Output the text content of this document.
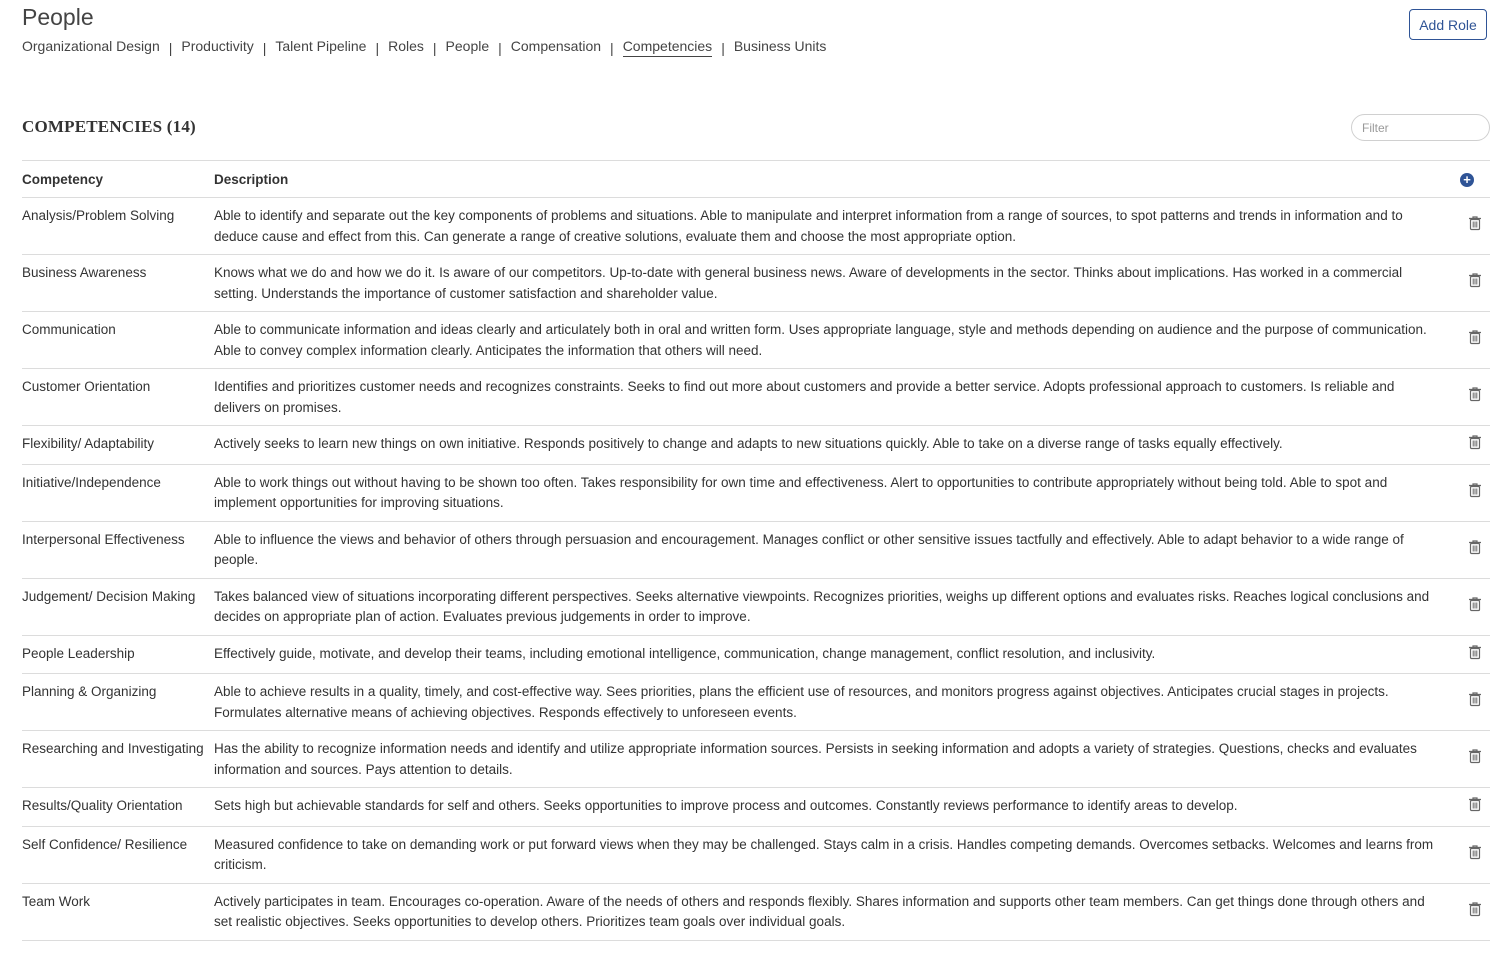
People
Organizational Design | Productivity | Talent Pipeline | Roles | People | Compensation | Competencies | Business Units
Add Role
COMPETENCIES (14)
Filter
Competency	Description	+
Analysis/Problem Solving	Able to identify and separate out the key components of problems and situations. Able to manipulate and interpret information from a range of sources, to spot patterns and trends in information and to deduce cause and effect from this. Can generate a range of creative solutions, evaluate them and choose the most appropriate option.	
Business Awareness	Knows what we do and how we do it. Is aware of our competitors. Up-to-date with general business news. Aware of developments in the sector. Thinks about implications. Has worked in a commercial setting. Understands the importance of customer satisfaction and shareholder value.	
Communication	Able to communicate information and ideas clearly and articulately both in oral and written form. Uses appropriate language, style and methods depending on audience and the purpose of communication. Able to convey complex information clearly. Anticipates the information that others will need.	
Customer Orientation	Identifies and prioritizes customer needs and recognizes constraints. Seeks to find out more about customers and provide a better service. Adopts professional approach to customers. Is reliable and delivers on promises.	
Flexibility/ Adaptability	Actively seeks to learn new things on own initiative. Responds positively to change and adapts to new situations quickly. Able to take on a diverse range of tasks equally effectively.	
Initiative/Independence	Able to work things out without having to be shown too often. Takes responsibility for own time and effectiveness. Alert to opportunities to contribute appropriately without being told. Able to spot and implement opportunities for improving situations.	
Interpersonal Effectiveness	Able to influence the views and behavior of others through persuasion and encouragement. Manages conflict or other sensitive issues tactfully and effectively. Able to adapt behavior to a wide range of people.	
Judgement/ Decision Making	Takes balanced view of situations incorporating different perspectives. Seeks alternative viewpoints. Recognizes priorities, weighs up different options and evaluates risks. Reaches logical conclusions and decides on appropriate plan of action. Evaluates previous judgements in order to improve.	
People Leadership	Effectively guide, motivate, and develop their teams, including emotional intelligence, communication, change management, conflict resolution, and inclusivity.	
Planning & Organizing	Able to achieve results in a quality, timely, and cost-effective way. Sees priorities, plans the efficient use of resources, and monitors progress against objectives. Anticipates crucial stages in projects. Formulates alternative means of achieving objectives. Responds effectively to unforeseen events.	
Researching and Investigating	Has the ability to recognize information needs and identify and utilize appropriate information sources. Persists in seeking information and adopts a variety of strategies. Questions, checks and evaluates information and sources. Pays attention to details.	
Results/Quality Orientation	Sets high but achievable standards for self and others. Seeks opportunities to improve process and outcomes. Constantly reviews performance to identify areas to develop.	
Self Confidence/ Resilience	Measured confidence to take on demanding work or put forward views when they may be challenged. Stays calm in a crisis. Handles competing demands. Overcomes setbacks. Welcomes and learns from criticism.	
Team Work	Actively participates in team. Encourages co-operation. Aware of the needs of others and responds flexibly. Shares information and supports other team members. Can get things done through others and set realistic objectives. Seeks opportunities to develop others. Prioritizes team goals over individual goals.	
